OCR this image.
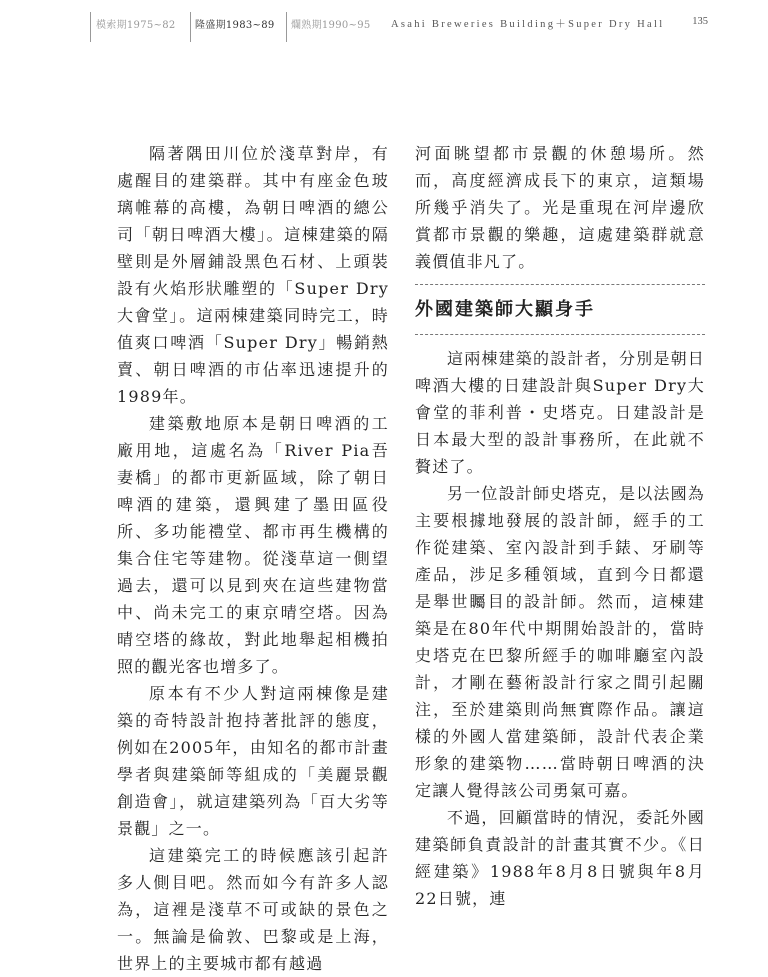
模索期1975~82 隆盛期1983~89 爛熟期1990~95 Asahi Breweries Building＋Super Dry Hall	135

隔著隅田川位於淺草對岸，有處醒目的建築群。其中有座金色玻璃帷幕的高樓，為朝日啤酒的總公司「朝日啤酒大樓」。這棟建築的隔壁則是外層鋪設黑色石材、上頭裝設有火焰形狀雕塑的「Super Dry大會堂」。這兩棟建築同時完工，時值爽口啤酒「Super Dry」暢銷熱賣、朝日啤酒的市佔率迅速提升的1989年。

建築敷地原本是朝日啤酒的工廠用地，這處名為「River Pia吾妻橋」的都市更新區域，除了朝日啤酒的建築，還興建了墨田區役所、多功能禮堂、都市再生機構的集合住宅等建物。從淺草這一側望過去，還可以見到夾在這些建物當中、尚未完工的東京晴空塔。因為晴空塔的緣故，對此地舉起相機拍照的觀光客也增多了。

原本有不少人對這兩棟像是建築的奇特設計抱持著批評的態度，例如在2005年，由知名的都市計畫學者與建築師等組成的「美麗景觀創造會」，就這建築列為「百大劣等景觀」之一。

這建築完工的時候應該引起許多人側目吧。然而如今有許多人認為，這裡是淺草不可或缺的景色之一。無論是倫敦、巴黎或是上海，世界上的主要城市都有越過

河面眺望都市景觀的休憩場所。然而，高度經濟成長下的東京，這類場所幾乎消失了。光是重現在河岸邊欣賞都市景觀的樂趣，這處建築群就意義價值非凡了。

外國建築師大顯身手

這兩棟建築的設計者，分別是朝日啤酒大樓的日建設計與Super Dry大會堂的菲利普・史塔克。日建設計是日本最大型的設計事務所，在此就不贅述了。

另一位設計師史塔克，是以法國為主要根據地發展的設計師，經手的工作從建築、室內設計到手錶、牙刷等產品，涉足多種領域，直到今日都還是舉世矚目的設計師。然而，這棟建築是在80年代中期開始設計的，當時史塔克在巴黎所經手的咖啡廳室內設計，才剛在藝術設計行家之間引起關注，至於建築則尚無實際作品。讓這樣的外國人當建築師，設計代表企業形象的建築物……當時朝日啤酒的決定讓人覺得該公司勇氣可嘉。

不過，回顧當時的情況，委託外國建築師負責設計的計畫其實不少。《日經建築》1988年8月8日號與年8月22日號，連
